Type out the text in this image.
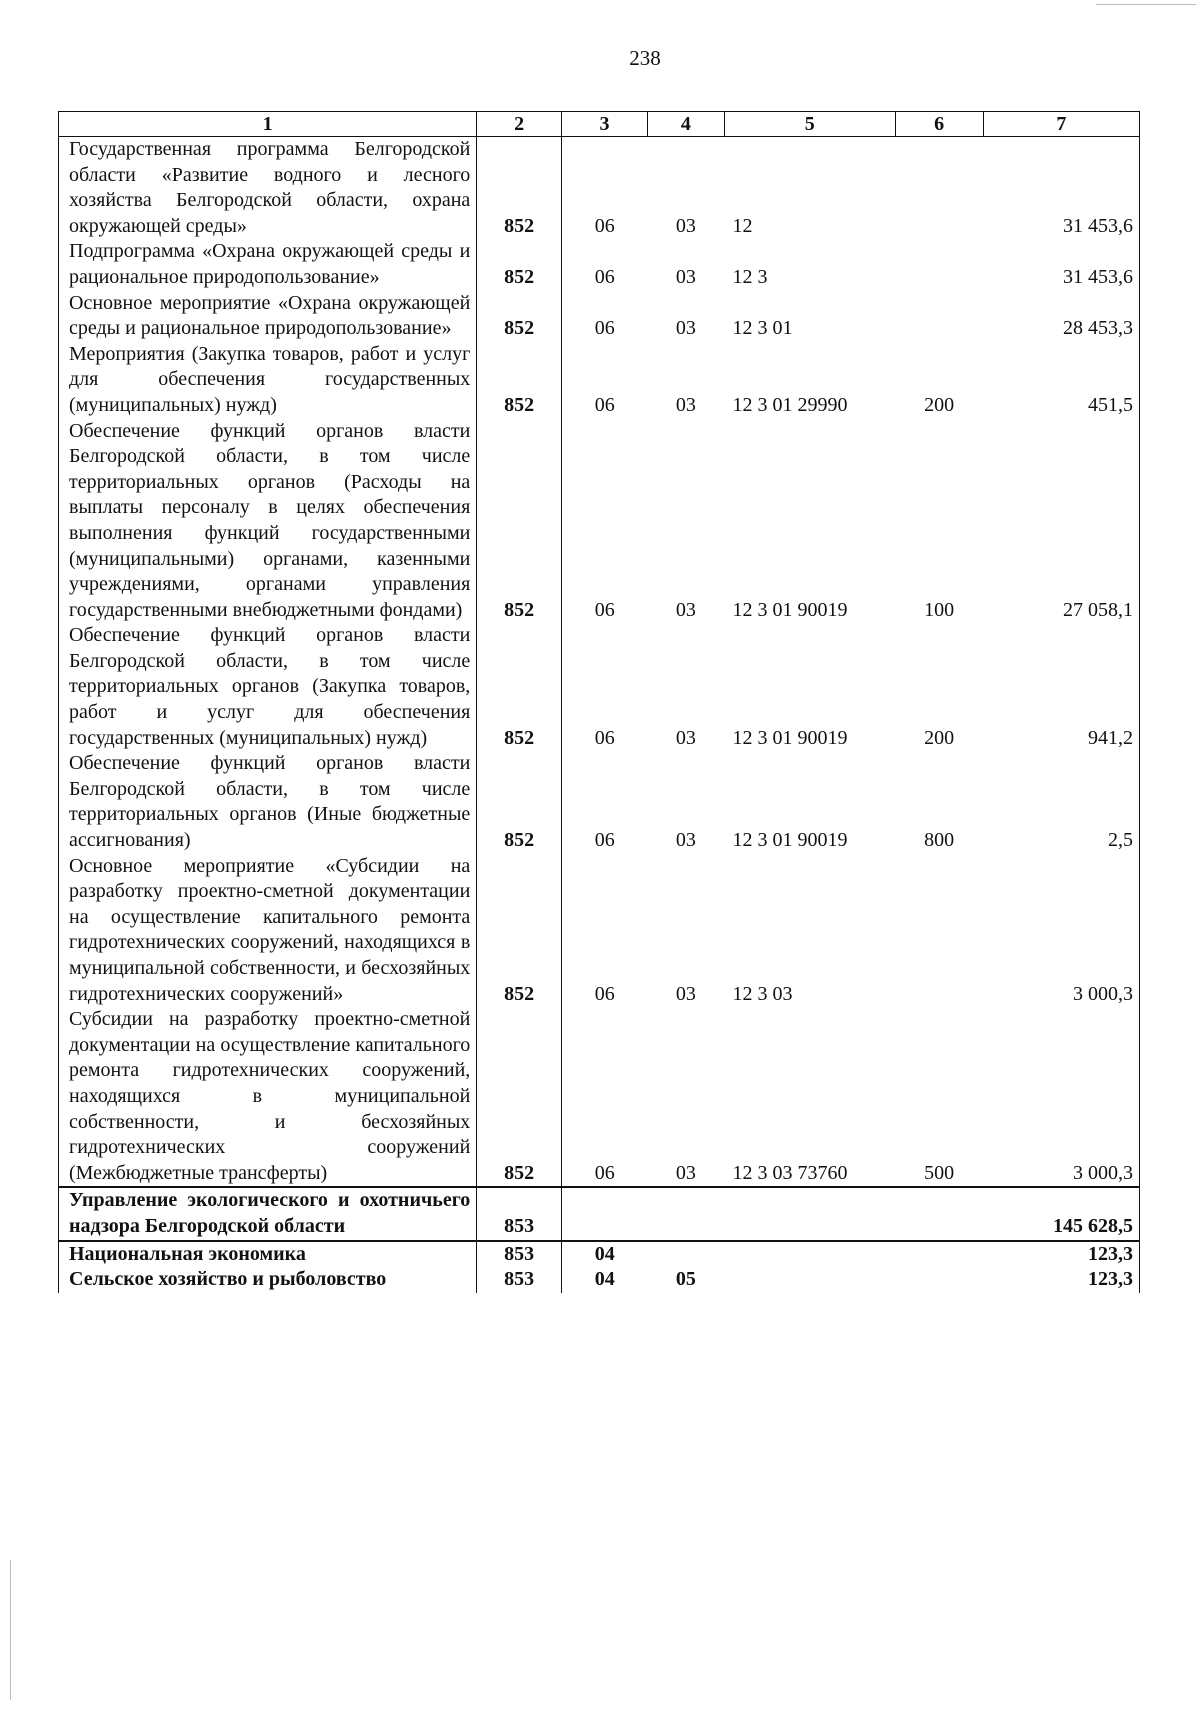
238
1	2	3	4	5	6	7
Государственная программа Белгородской области «Развитие водного и лесного хозяйства Белгородской области, охрана окружающей среды»	852	06	03	12		31 453,6
Подпрограмма «Охрана окружающей среды и рациональное природопользование»	852	06	03	12 3		31 453,6
Основное мероприятие «Охрана окружающей среды и рациональное природопользование»	852	06	03	12 3 01		28 453,3
Мероприятия (Закупка товаров, работ и услуг для обеспечения государственных (муниципальных) нужд)	852	06	03	12 3 01 29990	200	451,5
Обеспечение функций органов власти Белгородской области, в том числе территориальных органов (Расходы на выплаты персоналу в целях обеспечения выполнения функций государственными (муниципальными) органами, казенными учреждениями, органами управления государственными внебюджетными фондами)	852	06	03	12 3 01 90019	100	27 058,1
Обеспечение функций органов власти Белгородской области, в том числе территориальных органов (Закупка товаров, работ и услуг для обеспечения государственных (муниципальных) нужд)	852	06	03	12 3 01 90019	200	941,2
Обеспечение функций органов власти Белгородской области, в том числе территориальных органов (Иные бюджетные ассигнования)	852	06	03	12 3 01 90019	800	2,5
Основное мероприятие «Субсидии на разработку проектно-сметной документации на осуществление капитального ремонта гидротехнических сооружений, находящихся в муниципальной собственности, и бесхозяйных гидротехнических сооружений»	852	06	03	12 3 03		3 000,3
Субсидии на разработку проектно-сметной документации на осуществление капитального ремонта гидротехнических сооружений, находящихся в муниципальной собственности, и бесхозяйных гидротехнических сооружений (Межбюджетные трансферты)	852	06	03	12 3 03 73760	500	3 000,3
Управление экологического и охотничьего надзора Белгородской области	853					145 628,5
Национальная экономика	853	04				123,3
Сельское хозяйство и рыболовство	853	04	05			123,3
